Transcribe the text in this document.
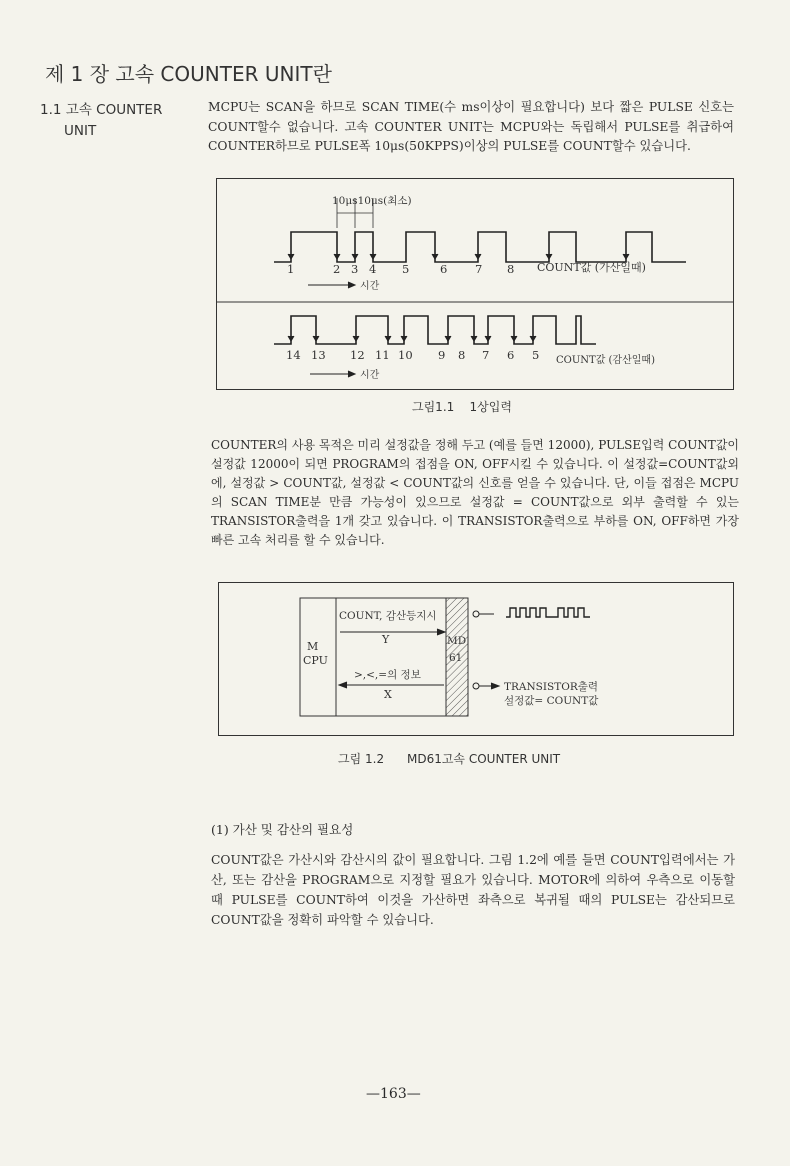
제 1 장 고속 COUNTER UNIT란
1.1 고속 COUNTER
UNIT

MCPU는 SCAN을 하므로 SCAN TIME(수 ms이상이 필요합니다) 보다 짧은 PULSE 신호는 COUNT할수 없습니다. 고속 COUNTER UNIT는 MCPU와는 독립해서 PULSE를 취급하여 COUNTER하므로 PULSE폭 10μs(50KPPS)이상의 PULSE를 COUNT할수 있습니다.

10μs10μs(최소)
1	2 3 4 5	6 7 8 COUNT값 (가산일때)
시간
14 13 12 11 10 9 8 7 6 5 COUNT값 (감산일때)
시간

그림1.1    1상입력

COUNTER의 사용 목적은 미리 설정값을 정해 두고 (예를 들면 12000), PULSE입력 COUNT값이 설정값 12000이 되면 PROGRAM의 접점을 ON, OFF시킬 수 있습니다. 이 설정값=COUNT값외에, 설정값 > COUNT값, 설정값 < COUNT값의 신호를 얻을 수 있습니다. 단, 이들 접점은 MCPU의 SCAN TIME분 만큼 가능성이 있으므로 설정값 = COUNT값으로 외부 출력할 수 있는 TRANSISTOR출력을 1개 갖고 있습니다. 이 TRANSISTOR출력으로 부하를 ON, OFF하면 가장 빠른 고속 처리를 할 수 있습니다.

M
CPU
MD
61
COUNT, 감산등지시
Y
>,<,=의 정보
X
TRANSISTOR출력
설정값= COUNT값

그림 1.2      MD61고속 COUNTER UNIT

(1) 가산 및 감산의 필요성

COUNT값은 가산시와 감산시의 값이 필요합니다. 그림 1.2에 예를 들면 COUNT입력에서는 가산, 또는 감산을 PROGRAM으로 지정할 필요가 있습니다. MOTOR에 의하여 우측으로 이동할 때 PULSE를 COUNT하여 이것을 가산하면 좌측으로 복귀될 때의 PULSE는 감산되므로 COUNT값을 정확히 파악할 수 있습니다.

—163—
